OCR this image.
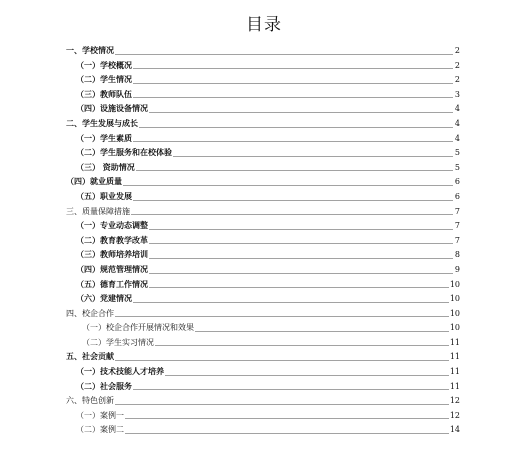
目录
一、学校情况	2
（一）学校概况	2
（二）学生情况	2
（三）教师队伍	3
（四）设施设备情况	4
二、学生发展与成长	4
（一）学生素质	4
（二）学生服务和在校体验	5
（三） 资助情况	5
（四）就业质量	6
（五）职业发展	6
三、质量保障措施	7
（一）专业动态调整	7
（二）教育教学改革	7
（三）教师培养培训	8
（四）规范管理情况	9
（五）德育工作情况	10
（六）党建情况	10
四、校企合作	10
（一）校企合作开展情况和效果	10
（二）学生实习情况	11
五、社会贡献	11
（一）技术技能人才培养	11
（二）社会服务	11
六、特色创新	12
（一）案例一	12
（二）案例二	14
